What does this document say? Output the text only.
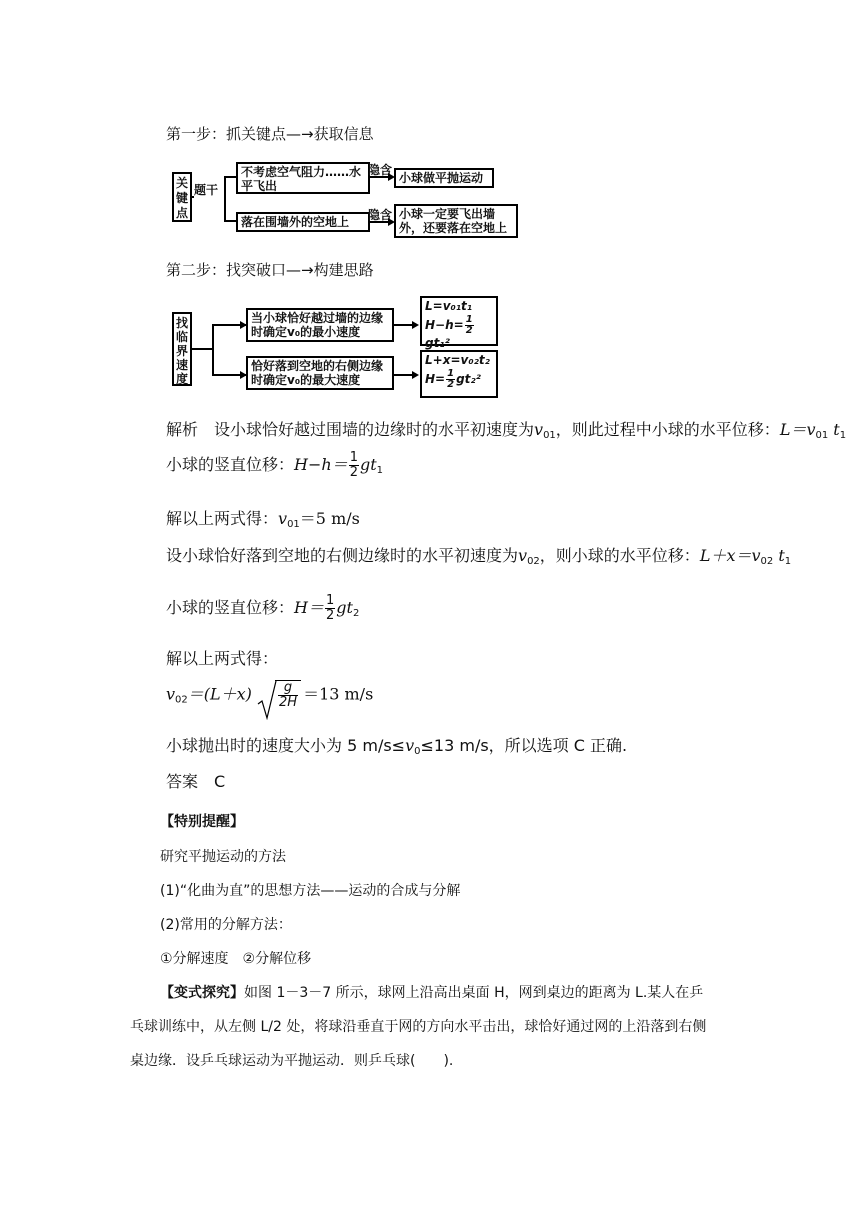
第一步：抓关键点—→获取信息
关键点
题干
不考虑空气阻力……水平飞出
隐含
小球做平抛运动
落在围墙外的空地上	隐含 小球一定要飞出墙外，还要落在空地上
第二步：找突破口—→构建思路
找临界速度
当小球恰好越过墙的边缘时确定v₀的最小速度
L=v₀₁t₁
$H-h= \frac{1}{2}$
gt₁²
恰好落到空地的右侧边缘时确定v₀的最大速度
L+x=v₀₂t₂
$H= \frac{1}{2} gt_2^2$
解析　设小球恰好越过围墙的边缘时的水平初速度为$v_{01}$，则此过程中小球的水平位移：$L=v_{01}$ $t_1$
小球的竖直位移：$H-h= \frac{1}{2} gt_1$
解以上两式得：$v_{01}=5$ m/s
设小球恰好落到空地的右侧边缘时的水平初速度为$v_{02}$，则小球的水平位移：$L+x=v_{02}$ $t_1$
小球的竖直位移：$H= \frac{1}{2} gt_2$
解以上两式得：
$v_{02}=(L+x) \frac{g}{2H} =13$ m/s
小球抛出时的速度大小为 5 $m/s\le v_0\le 13$ m/s，所以选项 C 正确.
答案　C
【特别提醒】
研究平抛运动的方法
(1)“化曲为直”的思想方法——运动的合成与分解
(2)常用的分解方法：
①分解速度　②分解位移
【变式探究】如图 1－3－7 所示，球网上沿高出桌面 H，网到桌边的距离为 L.某人在乒
乓球训练中，从左侧 L/2 处，将球沿垂直于网的方向水平击出，球恰好通过网的上沿落到右侧
桌边缘．设乒乓球运动为平抛运动．则乒乓球(　　).
